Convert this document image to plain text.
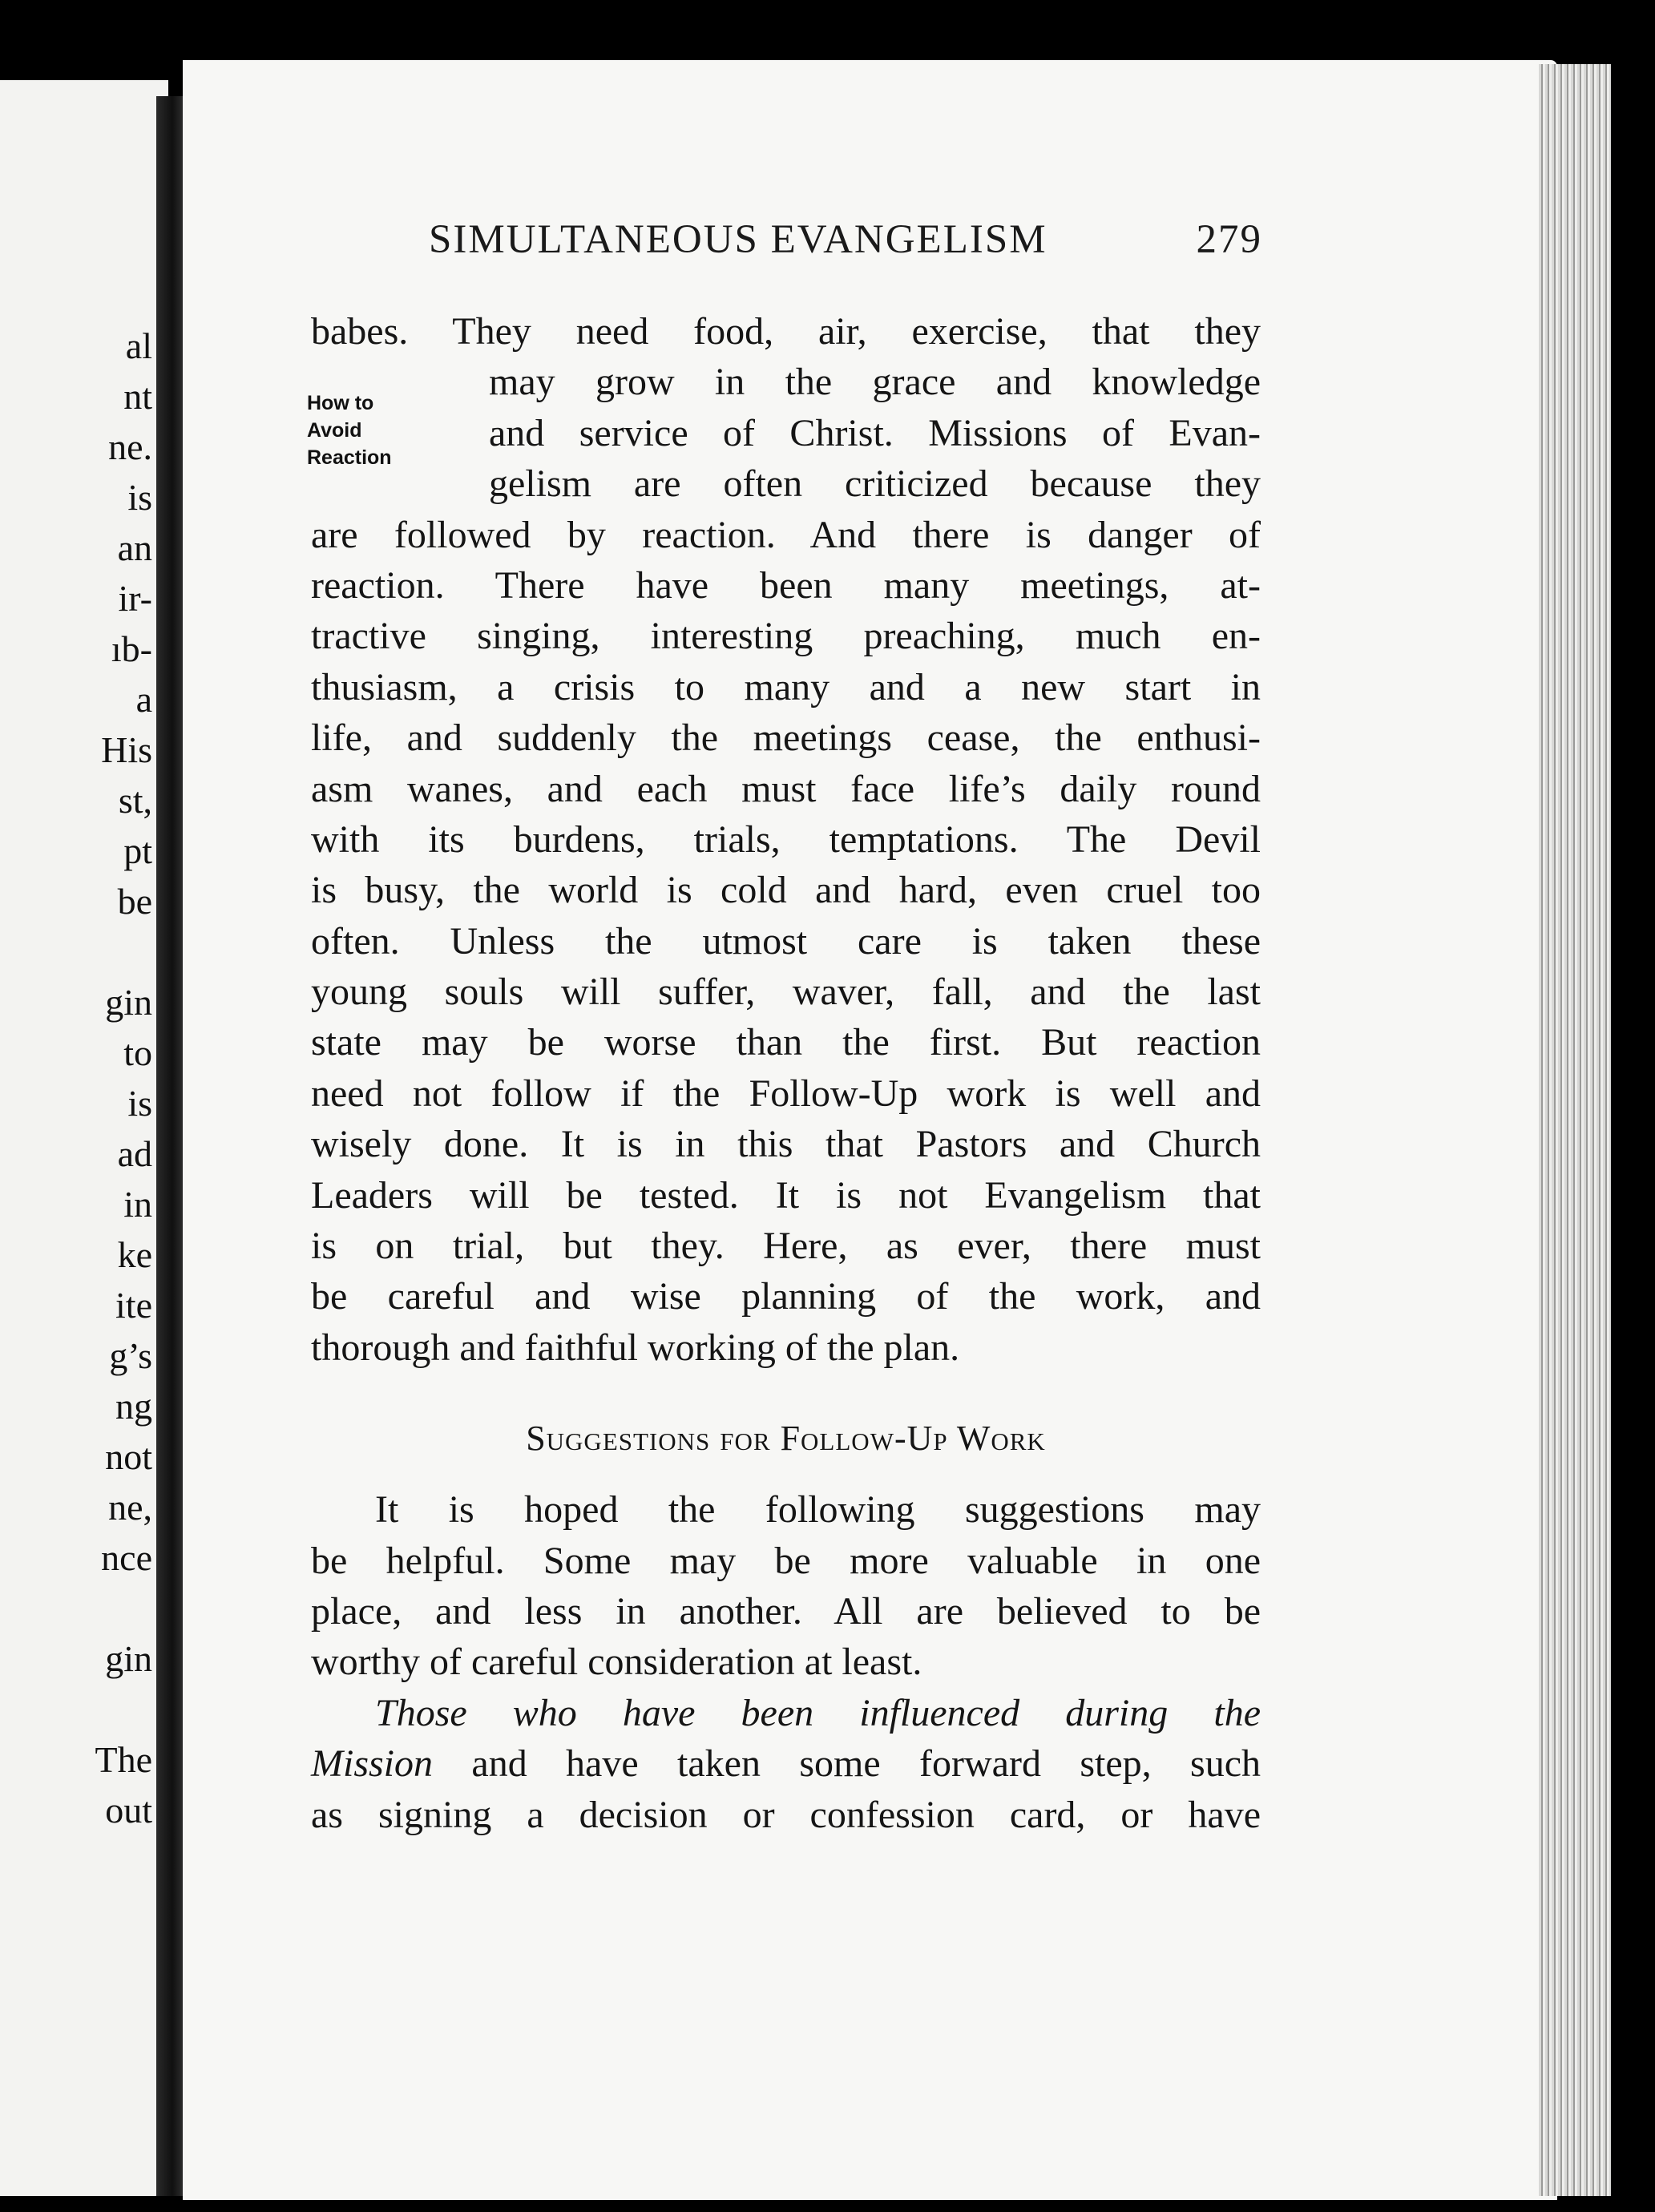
al
nt
ne.
is
an
ir-
ıb-
a
His
st,
pt
be
gin
to
is
ad
in
ke
ite
g’s
ng
not
ne,
nce
gin
The
out
SIMULTANEOUS EVANGELISM	279
How to
Avoid
Reaction
babes. They need food, air, exercise, that they
may grow in the grace and knowledge
and service of Christ. Missions of Evan-
gelism are often criticized because they
are followed by reaction. And there is danger of
reaction. There have been many meetings, at-
tractive singing, interesting preaching, much en-
thusiasm, a crisis to many and a new start in
life, and suddenly the meetings cease, the enthusi-
asm wanes, and each must face life’s daily round
with its burdens, trials, temptations. The Devil
is busy, the world is cold and hard, even cruel too
often. Unless the utmost care is taken these
young souls will suffer, waver, fall, and the last
state may be worse than the first. But reaction
need not follow if the Follow-Up work is well and
wisely done. It is in this that Pastors and Church
Leaders will be tested. It is not Evangelism that
is on trial, but they. Here, as ever, there must
be careful and wise planning of the work, and
thorough and faithful working of the plan.
Suggestions for Follow-Up Work
It is hoped the following suggestions may
be helpful. Some may be more valuable in one
place, and less in another. All are believed to be
worthy of careful consideration at least.
Those who have been influenced during the
Mission and have taken some forward step, such
as signing a decision or confession card, or have
